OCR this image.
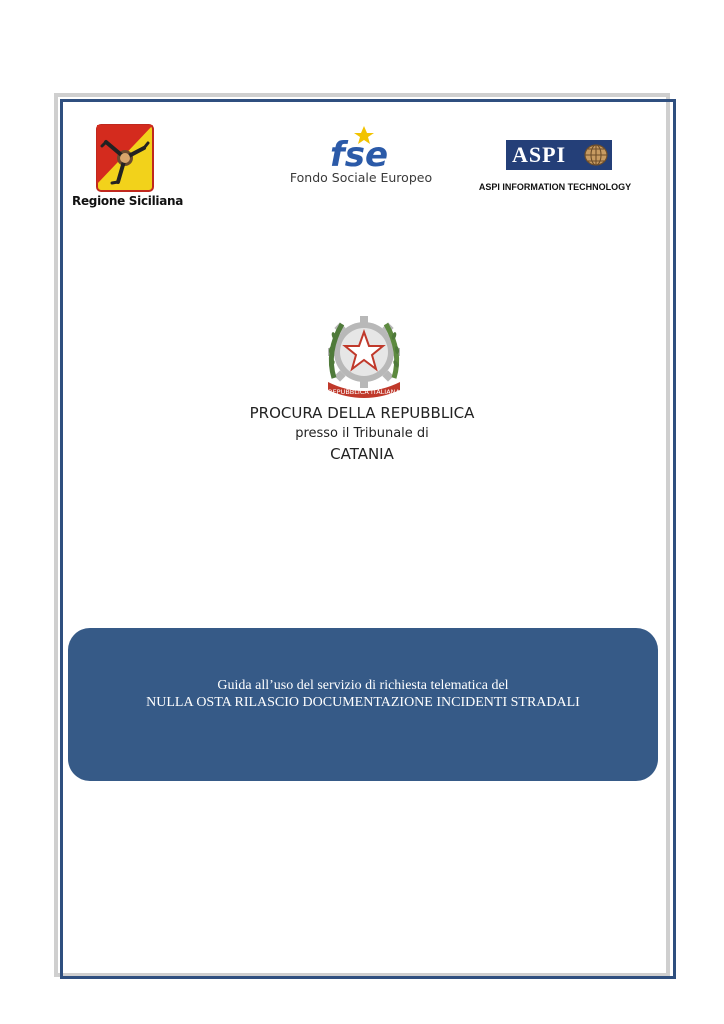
Regione Siciliana
fse
Fondo Sociale Europeo
ASPI
ASPI INFORMATION TECHNOLOGY
REPUBBLICA ITALIANA
PROCURA DELLA REPUBBLICA
presso il Tribunale di
CATANIA
Guida all’uso del servizio di richiesta telematica del
NULLA OSTA RILASCIO DOCUMENTAZIONE INCIDENTI STRADALI
